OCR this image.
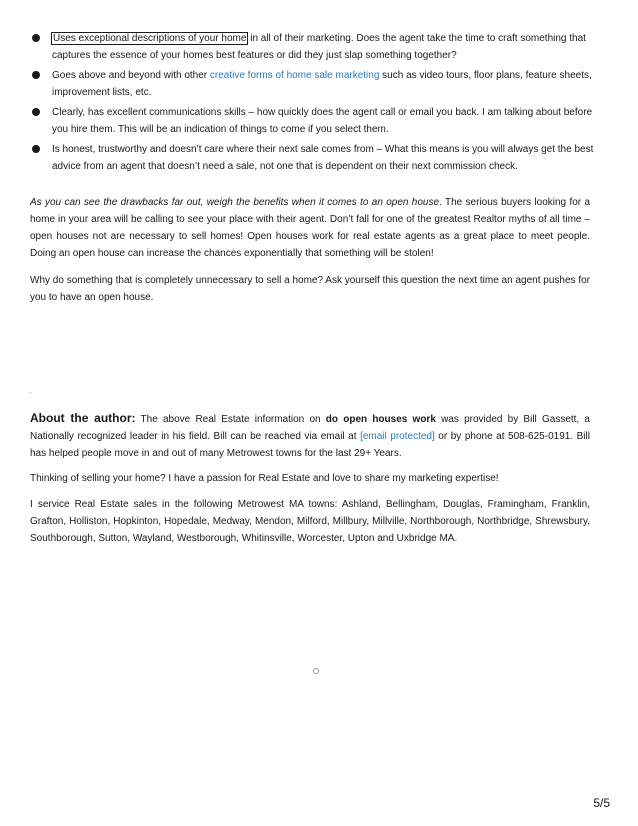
Uses exceptional descriptions of your home in all of their marketing. Does the agent take the time to craft something that captures the essence of your homes best features or did they just slap something together?
Goes above and beyond with other creative forms of home sale marketing such as video tours, floor plans, feature sheets, improvement lists, etc.
Clearly, has excellent communications skills – how quickly does the agent call or email you back. I am talking about before you hire them. This will be an indication of things to come if you select them.
Is honest, trustworthy and doesn’t care where their next sale comes from – What this means is you will always get the best advice from an agent that doesn’t need a sale, not one that is dependent on their next commission check.

As you can see the drawbacks far out, weigh the benefits when it comes to an open house. The serious buyers looking for a home in your area will be calling to see your place with their agent. Don’t fall for one of the greatest Realtor myths of all time – open houses not are necessary to sell homes! Open houses work for real estate agents as a great place to meet people. Doing an open house can increase the chances exponentially that something will be stolen!

Why do something that is completely unnecessary to sell a home? Ask yourself this question the next time an agent pushes for you to have an open house.

About the author: The above Real Estate information on do open houses work was provided by Bill Gassett, a Nationally recognized leader in his field. Bill can be reached via email at [email protected] or by phone at 508-625-0191. Bill has helped people move in and out of many Metrowest towns for the last 29+ Years.

Thinking of selling your home? I have a passion for Real Estate and love to share my marketing expertise!

I service Real Estate sales in the following Metrowest MA towns: Ashland, Bellingham, Douglas, Framingham, Franklin, Grafton, Holliston, Hopkinton, Hopedale, Medway, Mendon, Milford, Millbury, Millville, Northborough, Northbridge, Shrewsbury, Southborough, Sutton, Wayland, Westborough, Whitinsville, Worcester, Upton and Uxbridge MA.

5/5
